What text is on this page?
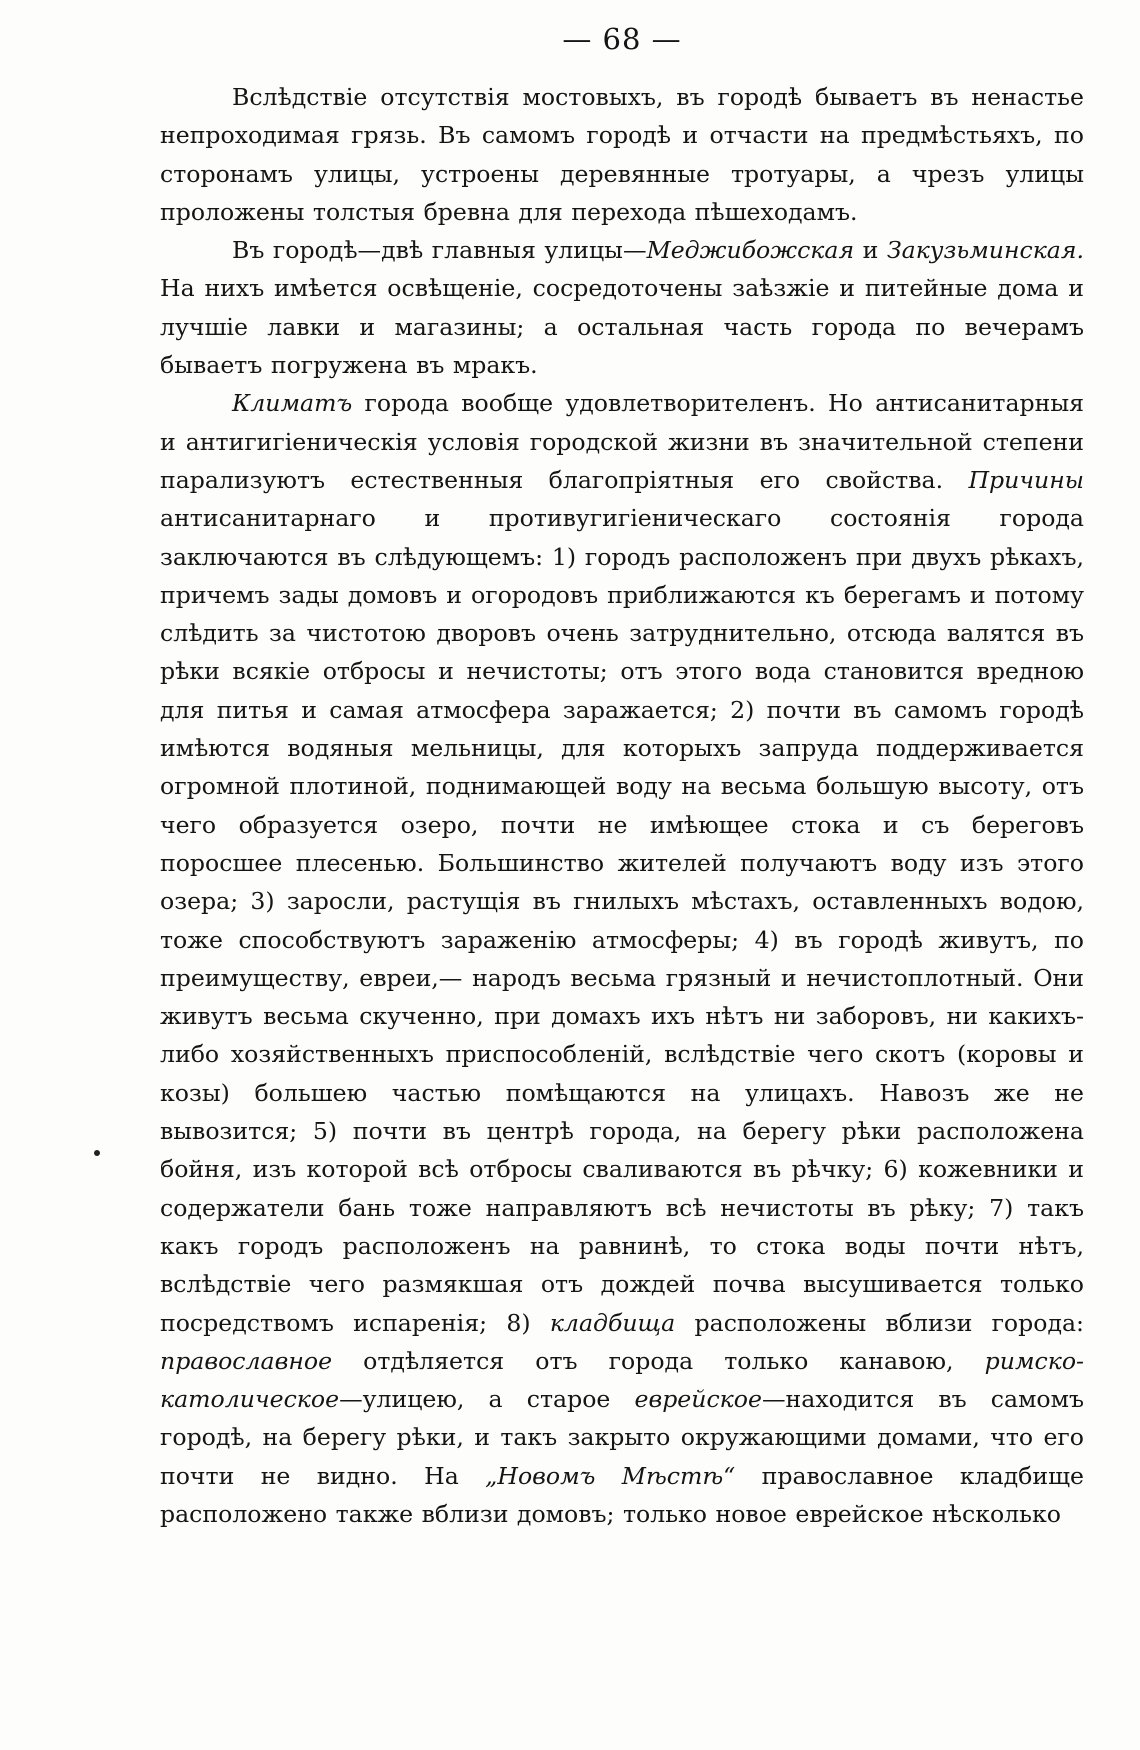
— 68 —

Вслѣдствіе отсутствія мостовыхъ, въ городѣ бываетъ въ ненастье непроходимая грязь. Въ самомъ городѣ и отчасти на предмѣстьяхъ, по сторонамъ улицы, устроены деревянные тротуары, а чрезъ улицы проложены толстыя бревна для перехода пѣшеходамъ.

Въ городѣ—двѣ главныя улицы—Меджибожская и Закузьминская. На нихъ имѣется освѣщеніе, сосредоточены заѣзжіе и питейные дома и лучшіе лавки и магазины; а остальная часть города по вечерамъ бываетъ погружена въ мракъ.

Климатъ города вообще удовлетворителенъ. Но антисанитарныя и антигигіеническія условія городской жизни въ значительной степени парализуютъ естественныя благопріятныя его свойства. Причины антисанитарнаго и противугигіеническаго состоянія города заключаются въ слѣдующемъ: 1) городъ расположенъ при двухъ рѣкахъ, причемъ зады домовъ и огородовъ приближаются къ берегамъ и потому слѣдить за чистотою дворовъ очень затруднительно, отсюда валятся въ рѣки всякіе отбросы и нечистоты; отъ этого вода становится вредною для питья и самая атмосфера заражается; 2) почти въ самомъ городѣ имѣются водяныя мельницы, для которыхъ запруда поддерживается огромной плотиной, поднимающей воду на весьма большую высоту, отъ чего образуется озеро, почти не имѣющее стока и съ береговъ поросшее плесенью. Большинство жителей получаютъ воду изъ этого озера; 3) заросли, растущія въ гнилыхъ мѣстахъ, оставленныхъ водою, тоже способствуютъ зараженію атмосферы; 4) въ городѣ живутъ, по преимуществу, евреи,— народъ весьма грязный и нечистоплотный. Они живутъ весьма скученно, при домахъ ихъ нѣтъ ни заборовъ, ни какихъ-либо хозяйственныхъ приспособленій, вслѣдствіе чего скотъ (коровы и козы) большею частью помѣщаются на улицахъ. Навозъ же не вывозится; 5) почти въ центрѣ города, на берегу рѣки расположена бойня, изъ которой всѣ отбросы сваливаются въ рѣчку; 6) кожевники и содержатели бань тоже направляютъ всѣ нечистоты въ рѣку; 7) такъ какъ городъ расположенъ на равнинѣ, то стока воды почти нѣтъ, вслѣдствіе чего размякшая отъ дождей почва высушивается только посредствомъ испаренія; 8) кладбища расположены вблизи города: православное отдѣляется отъ города только канавою, римско-католическое—улицею, а старое еврейское—находится въ самомъ городѣ, на берегу рѣки, и такъ закрыто окружающими домами, что его почти не видно. На „Новомъ Мѣстѣ“ православное кладбище расположено также вблизи домовъ; только новое еврейское нѣсколько
